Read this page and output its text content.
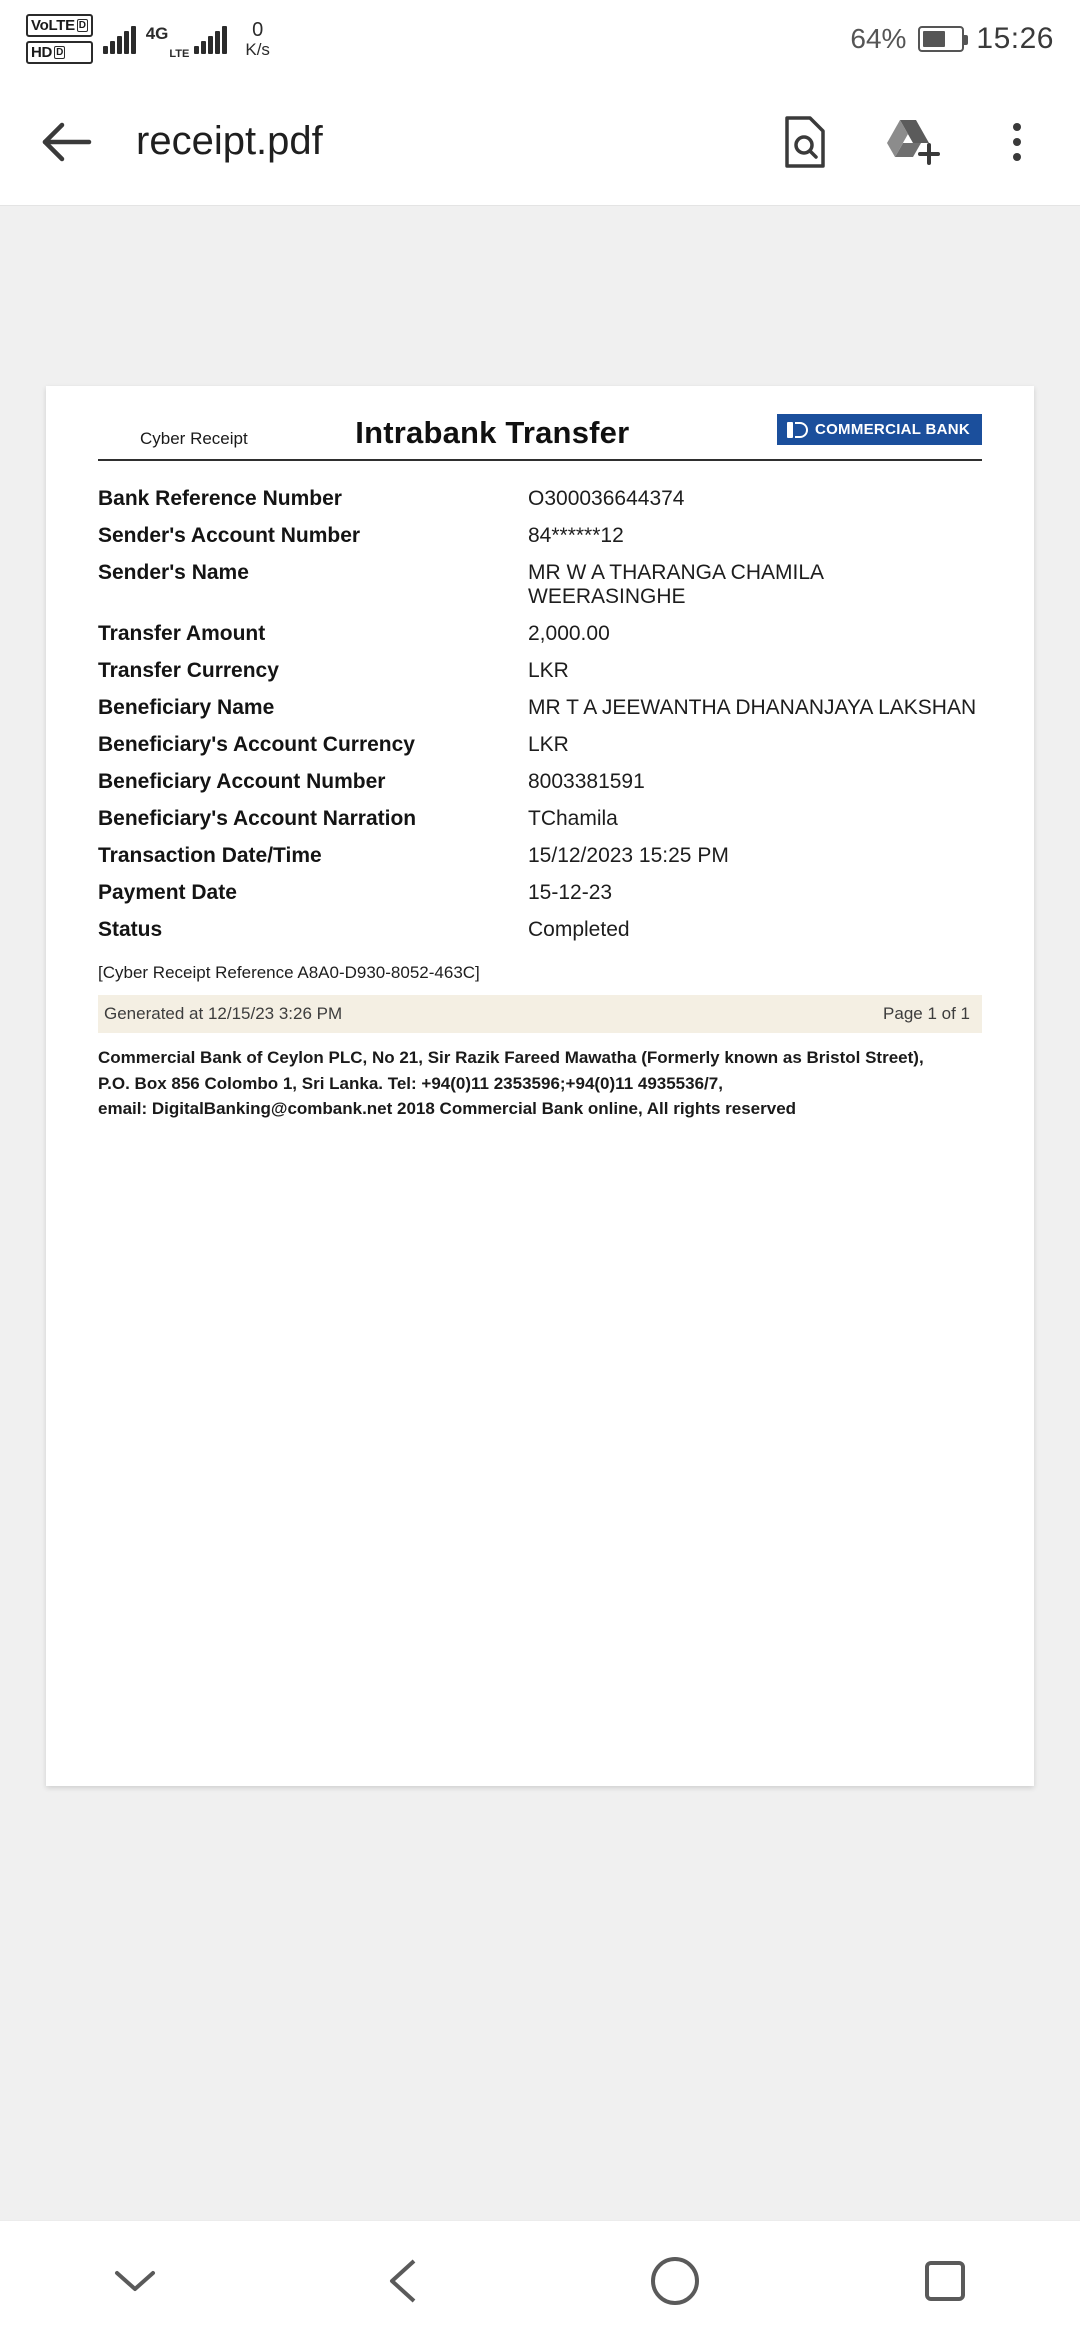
VoLTE D
HD D
4G
LTE
0
K/s	64% 15:26
receipt.pdf
Cyber Receipt	Intrabank Transfer	COMMERCIAL BANK
Bank Reference Number	O300036644374
Sender's Account Number	84******12
Sender's Name	MR W A THARANGA CHAMILA WEERASINGHE
Transfer Amount	2,000.00
Transfer Currency	LKR
Beneficiary Name	MR T A JEEWANTHA DHANANJAYA LAKSHAN
Beneficiary's Account Currency	LKR
Beneficiary Account Number	8003381591
Beneficiary's Account Narration	TChamila
Transaction Date/Time	15/12/2023 15:25 PM
Payment Date	15-12-23
Status	Completed
[Cyber Receipt Reference A8A0-D930-8052-463C]
Generated at 12/15/23 3:26 PM	Page 1 of 1
Commercial Bank of Ceylon PLC, No 21, Sir Razik Fareed Mawatha (Formerly known as Bristol Street),
P.O. Box 856 Colombo 1, Sri Lanka. Tel: +94(0)11 2353596;+94(0)11 4935536/7,
email: DigitalBanking@combank.net 2018 Commercial Bank online, All rights reserved
